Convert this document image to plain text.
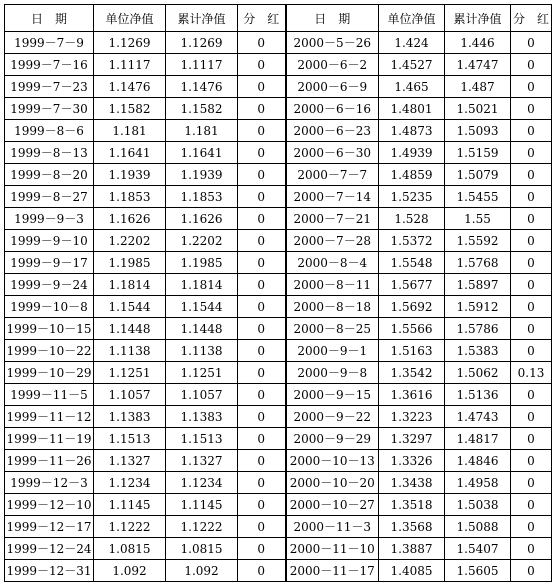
日　期	单位净值	累计净值	分　红	日　期	单位净值	累计净值	分　红
1999－7－9	1.1269	1.1269	0	2000－5－26	1.424	1.446	0
1999－7－16	1.1117	1.1117	0	2000－6－2	1.4527	1.4747	0
1999－7－23	1.1476	1.1476	0	2000－6－9	1.465	1.487	0
1999－7－30	1.1582	1.1582	0	2000－6－16	1.4801	1.5021	0
1999－8－6	1.181	1.181	0	2000－6－23	1.4873	1.5093	0
1999－8－13	1.1641	1.1641	0	2000－6－30	1.4939	1.5159	0
1999－8－20	1.1939	1.1939	0	2000－7－7	1.4859	1.5079	0
1999－8－27	1.1853	1.1853	0	2000－7－14	1.5235	1.5455	0
1999－9－3	1.1626	1.1626	0	2000－7－21	1.528	1.55	0
1999－9－10	1.2202	1.2202	0	2000－7－28	1.5372	1.5592	0
1999－9－17	1.1985	1.1985	0	2000－8－4	1.5548	1.5768	0
1999－9－24	1.1814	1.1814	0	2000－8－11	1.5677	1.5897	0
1999－10－8	1.1544	1.1544	0	2000－8－18	1.5692	1.5912	0
1999－10－15	1.1448	1.1448	0	2000－8－25	1.5566	1.5786	0
1999－10－22	1.1138	1.1138	0	2000－9－1	1.5163	1.5383	0
1999－10－29	1.1251	1.1251	0	2000－9－8	1.3542	1.5062	0.13
1999－11－5	1.1057	1.1057	0	2000－9－15	1.3616	1.5136	0
1999－11－12	1.1383	1.1383	0	2000－9－22	1.3223	1.4743	0
1999－11－19	1.1513	1.1513	0	2000－9－29	1.3297	1.4817	0
1999－11－26	1.1327	1.1327	0	2000－10－13	1.3326	1.4846	0
1999－12－3	1.1234	1.1234	0	2000－10－20	1.3438	1.4958	0
1999－12－10	1.1145	1.1145	0	2000－10－27	1.3518	1.5038	0
1999－12－17	1.1222	1.1222	0	2000－11－3	1.3568	1.5088	0
1999－12－24	1.0815	1.0815	0	2000－11－10	1.3887	1.5407	0
1999－12－31	1.092	1.092	0	2000－11－17	1.4085	1.5605	0
